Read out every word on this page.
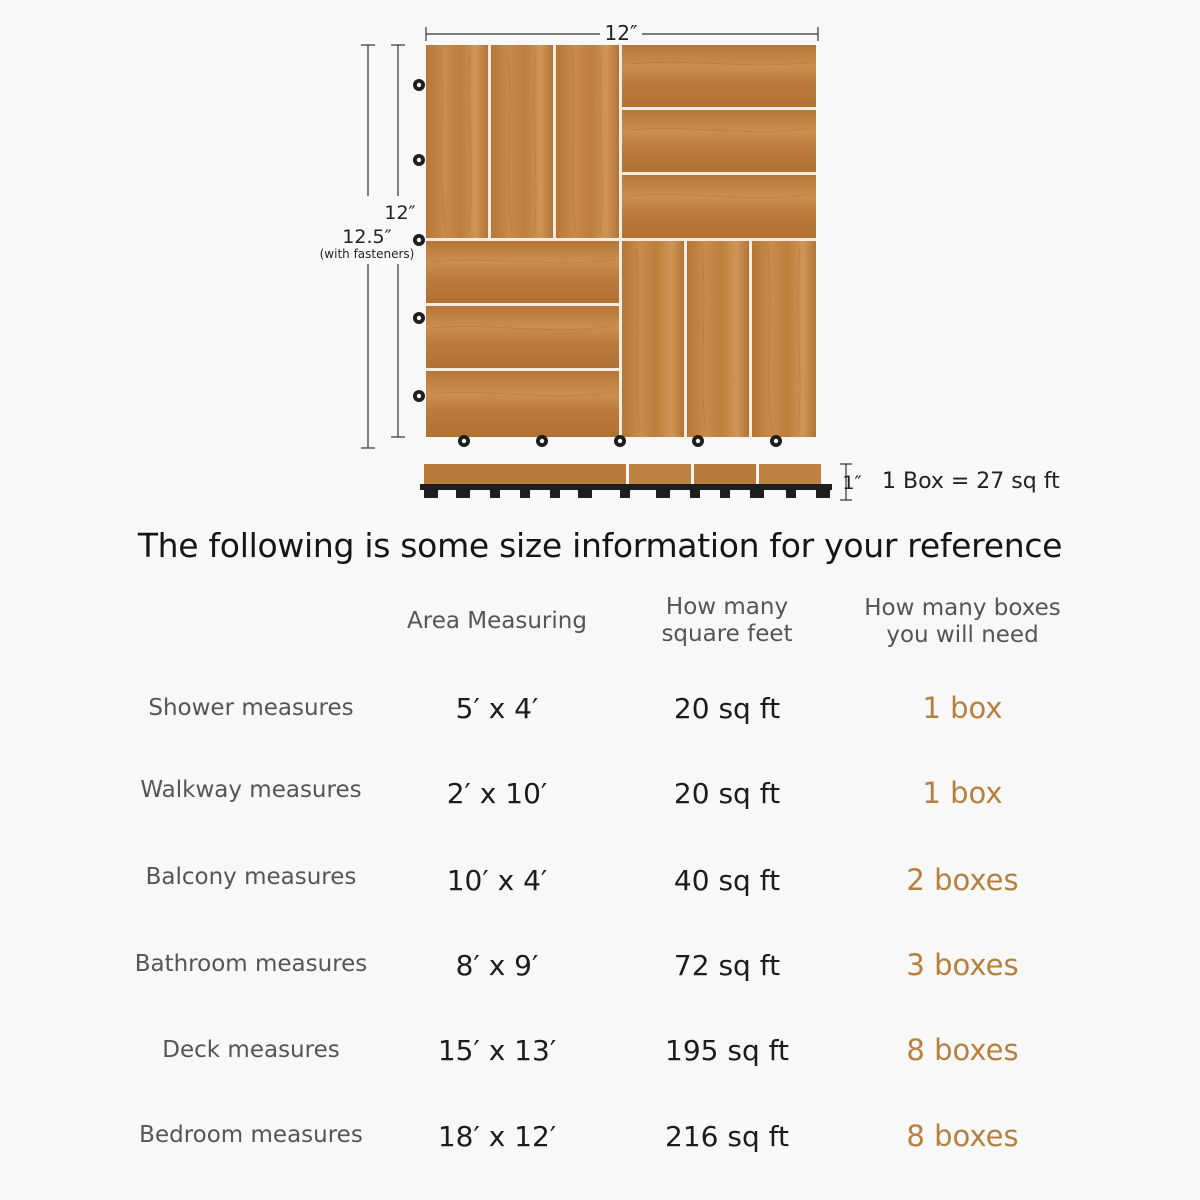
12″
12″
12.5″
(with fasteners)
1″ 1 Box = 27 sq ft
The following is some size information for your reference
Area Measuring
How many
square feet
How many boxes
you will need
Shower measures	5′ x 4′	20 sq ft	1 box
Walkway measures	2′ x 10′	20 sq ft	1 box
Balcony measures	10′ x 4′	40 sq ft	2 boxes
Bathroom measures	8′ x 9′	72 sq ft	3 boxes
Deck measures	15′ x 13′	195 sq ft	8 boxes
Bedroom measures	18′ x 12′	216 sq ft	8 boxes
